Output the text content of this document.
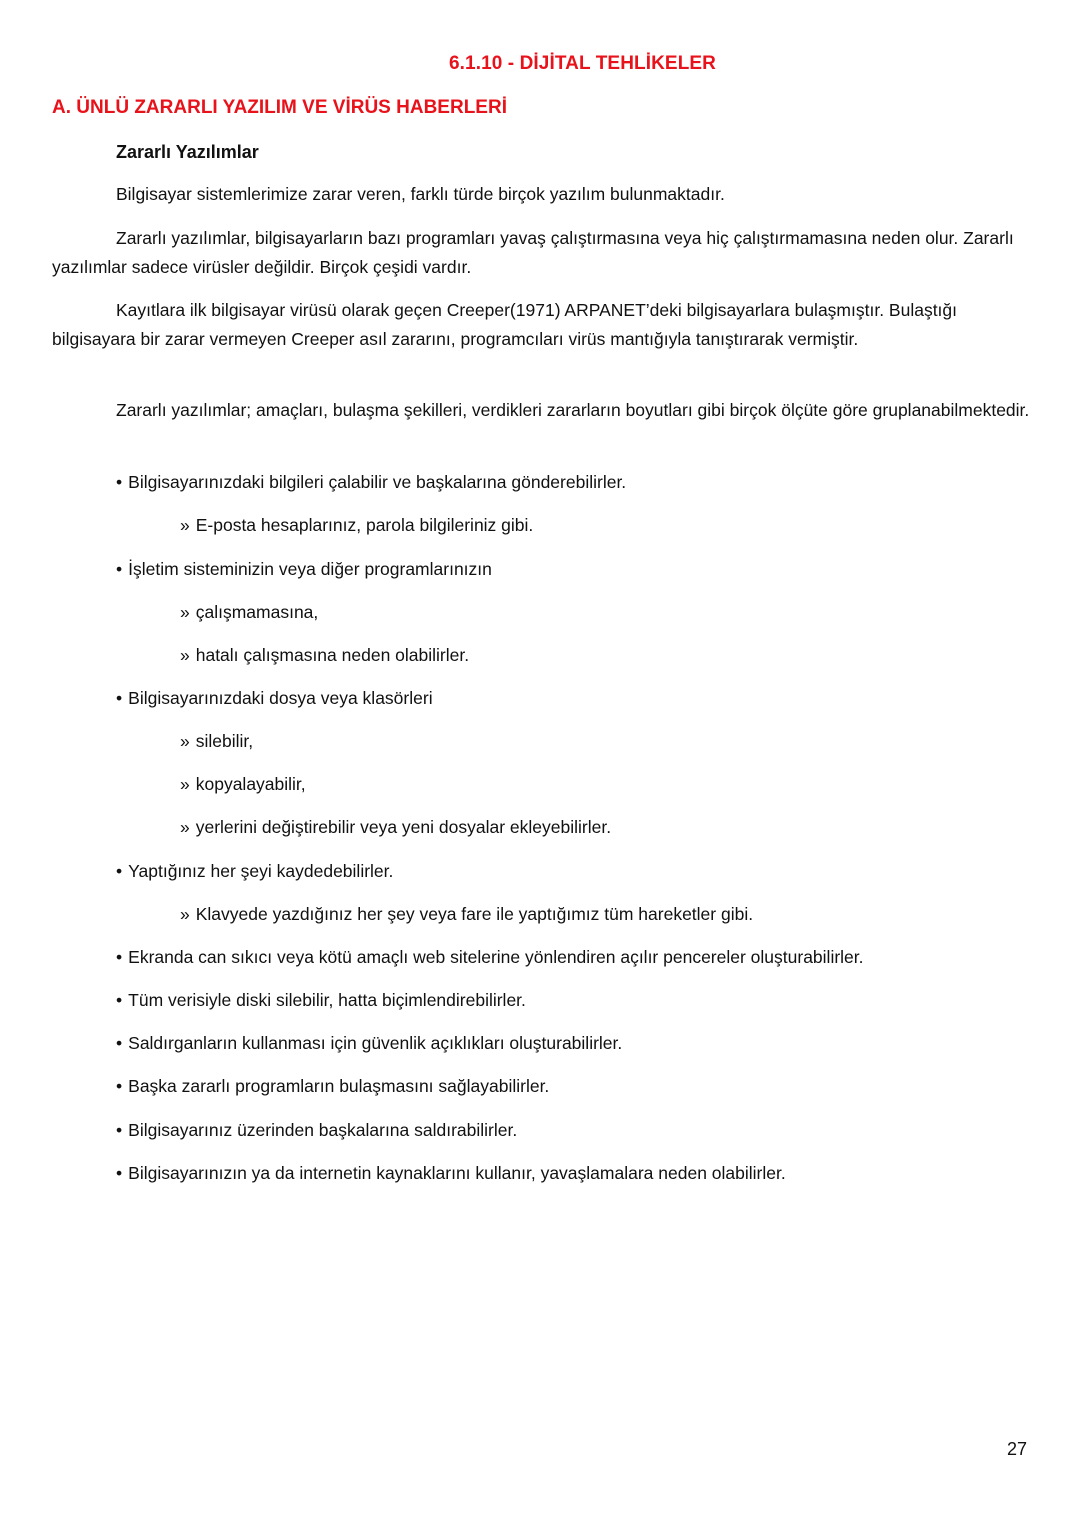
6.1.10 - DİJİTAL TEHLİKELER
A. ÜNLÜ ZARARLI YAZILIM VE VİRÜS HABERLERİ
Zararlı Yazılımlar
Bilgisayar sistemlerimize zarar veren, farklı türde birçok yazılım bulunmaktadır.
Zararlı yazılımlar, bilgisayarların bazı programları yavaş çalıştırmasına veya hiç çalıştırmamasına neden olur. Zararlı yazılımlar sadece virüsler değildir. Birçok çeşidi vardır.
Kayıtlara ilk bilgisayar virüsü olarak geçen Creeper(1971) ARPANET’deki bilgisayarlara bulaşmıştır. Bulaştığı bilgisayara bir zarar vermeyen Creeper asıl zararını, programcıları virüs mantığıyla tanıştırarak vermiştir.
Zararlı yazılımlar; amaçları, bulaşma şekilleri, verdikleri zararların boyutları gibi birçok ölçüte göre gruplanabilmektedir.
• Bilgisayarınızdaki bilgileri çalabilir ve başkalarına gönderebilirler.
» E-posta hesaplarınız, parola bilgileriniz gibi.
• İşletim sisteminizin veya diğer programlarınızın
» çalışmamasına,
» hatalı çalışmasına neden olabilirler.
• Bilgisayarınızdaki dosya veya klasörleri
» silebilir,
» kopyalayabilir,
» yerlerini değiştirebilir veya yeni dosyalar ekleyebilirler.
• Yaptığınız her şeyi kaydedebilirler.
» Klavyede yazdığınız her şey veya fare ile yaptığımız tüm hareketler gibi.
• Ekranda can sıkıcı veya kötü amaçlı web sitelerine yönlendiren açılır pencereler oluşturabilirler.
• Tüm verisiyle diski silebilir, hatta biçimlendirebilirler.
• Saldırganların kullanması için güvenlik açıklıkları oluşturabilirler.
• Başka zararlı programların bulaşmasını sağlayabilirler.
• Bilgisayarınız üzerinden başkalarına saldırabilirler.
• Bilgisayarınızın ya da internetin kaynaklarını kullanır, yavaşlamalara neden olabilirler.
27
